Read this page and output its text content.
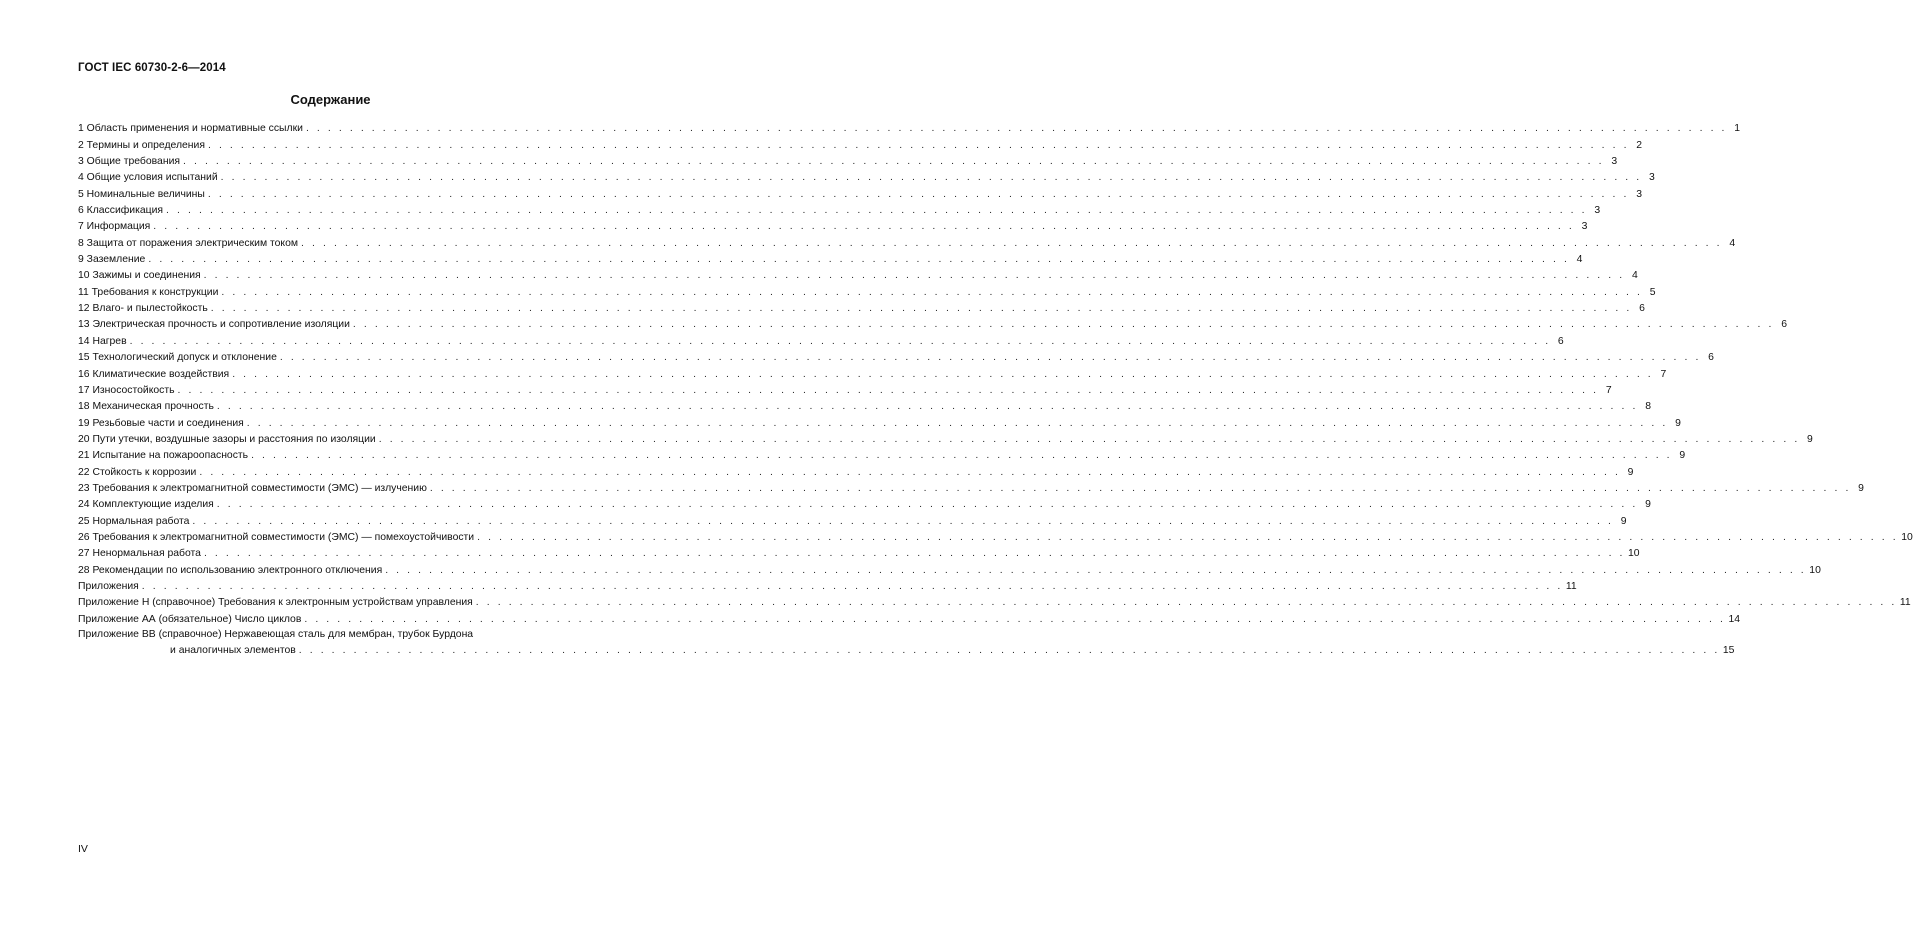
ГОСТ IEC 60730-2-6—2014
Содержание
1 Область применения и нормативные ссылки . . .	1
2 Термины и определения . . .	2
3 Общие требования . . .	3
4 Общие условия испытаний . . .	3
5 Номинальные величины . . .	3
6 Классификация . . .	3
7 Информация . . .	3
8 Защита от поражения электрическим током . . .	4
9 Заземление . . .	4
10 Зажимы и соединения . . .	4
11 Требования к конструкции . . .	5
12 Влаго- и пылестойкость . . .	6
13 Электрическая прочность и сопротивление изоляции . . .	6
14 Нагрев . . .	6
15 Технологический допуск и отклонение . . .	6
16 Климатические воздействия . . .	7
17 Износостойкость . . .	7
18 Механическая прочность . . .	8
19 Резьбовые части и соединения . . .	9
20 Пути утечки, воздушные зазоры и расстояния по изоляции . . .	9
21 Испытание на пожароопасность . . .	9
22 Стойкость к коррозии . . .	9
23 Требования к электромагнитной совместимости (ЭМС) — излучению . . .	9
24 Комплектующие изделия . . .	9
25 Нормальная работа . . .	9
26 Требования к электромагнитной совместимости (ЭМС) — помехоустойчивости . . .	10
27 Ненормальная работа . . .	10
28 Рекомендации по использованию электронного отключения . . .	10
Приложения . . .	11
Приложение Н (справочное) Требования к электронным устройствам управления . . .	11
Приложение АА (обязательное) Число циклов . . .	14
Приложение ВВ (справочное) Нержавеющая сталь для мембран, трубок Бурдона
и аналогичных элементов . . .	15
IV
